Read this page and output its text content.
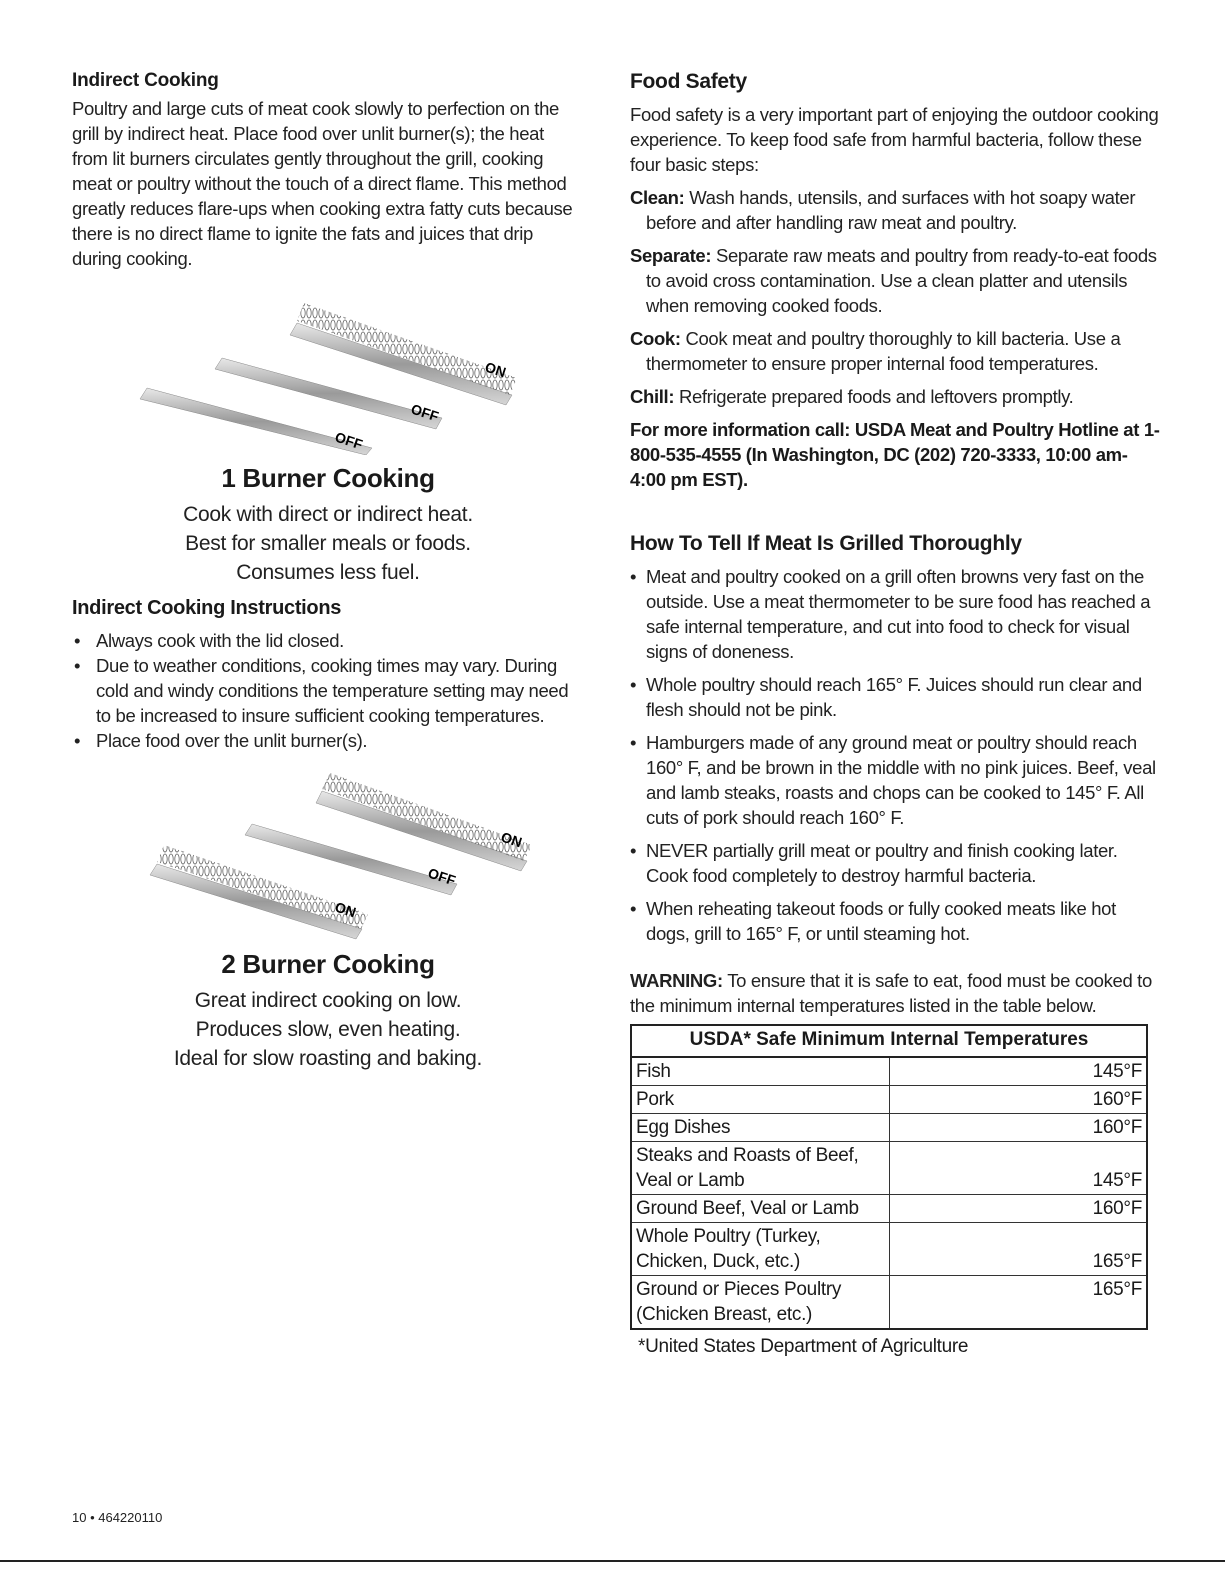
Indirect Cooking

Poultry and large cuts of meat cook slowly to perfection on the grill by indirect heat. Place food over unlit burner(s); the heat from lit burners circulates gently throughout the grill, cooking meat or poultry without the touch of a direct flame. This method greatly reduces flare-ups when cooking extra fatty cuts because there is no direct flame to ignite the fats and juices that drip during cooking.

ON
OFF
OFF
1 Burner Cooking
Cook with direct or indirect heat.
Best for smaller meals or foods.
Consumes less fuel.
Indirect Cooking Instructions
• Always cook with the lid closed.
• Due to weather conditions, cooking times may vary. During cold and windy conditions the temperature setting may need to be increased to insure sufficient cooking temperatures.
• Place food over the unlit burner(s).
ON
OFF
ON
2 Burner Cooking
Great indirect cooking on low.
Produces slow, even heating.
Ideal for slow roasting and baking.
Food Safety

Food safety is a very important part of enjoying the outdoor cooking experience. To keep food safe from harmful bacteria, follow these four basic steps:

Clean: Wash hands, utensils, and surfaces with hot soapy water before and after handling raw meat and poultry.

Separate: Separate raw meats and poultry from ready-to-eat foods to avoid cross contamination. Use a clean platter and utensils when removing cooked foods.

Cook: Cook meat and poultry thoroughly to kill bacteria. Use a thermometer to ensure proper internal food temperatures.

Chill: Refrigerate prepared foods and leftovers promptly.

For more information call: USDA Meat and Poultry Hotline at 1-800-535-4555 (In Washington, DC (202) 720-3333, 10:00 am-4:00 pm EST).

How To Tell If Meat Is Grilled Thoroughly
• Meat and poultry cooked on a grill often browns very fast on the outside. Use a meat thermometer to be sure food has reached a safe internal temperature, and cut into food to check for visual signs of doneness.
• Whole poultry should reach 165° F. Juices should run clear and flesh should not be pink.
• Hamburgers made of any ground meat or poultry should reach 160° F, and be brown in the middle with no pink juices. Beef, veal and lamb steaks, roasts and chops can be cooked to 145° F. All cuts of pork should reach 160° F.
• NEVER partially grill meat or poultry and finish cooking later. Cook food completely to destroy harmful bacteria.
• When reheating takeout foods or fully cooked meats like hot dogs, grill to 165° F, or until steaming hot.

WARNING: To ensure that it is safe to eat, food must be cooked to the minimum internal temperatures listed in the table below.

USDA* Safe Minimum Internal Temperatures	
Fish	145°F
Pork	160°F
Egg Dishes	160°F
Steaks and Roasts of Beef, Veal or Lamb	145°F
Ground Beef, Veal or Lamb	160°F
Whole Poultry (Turkey, Chicken, Duck, etc.)	165°F
Ground or Pieces Poultry (Chicken Breast, etc.)	165°F
*United States Department of Agriculture
10 • 464220110
